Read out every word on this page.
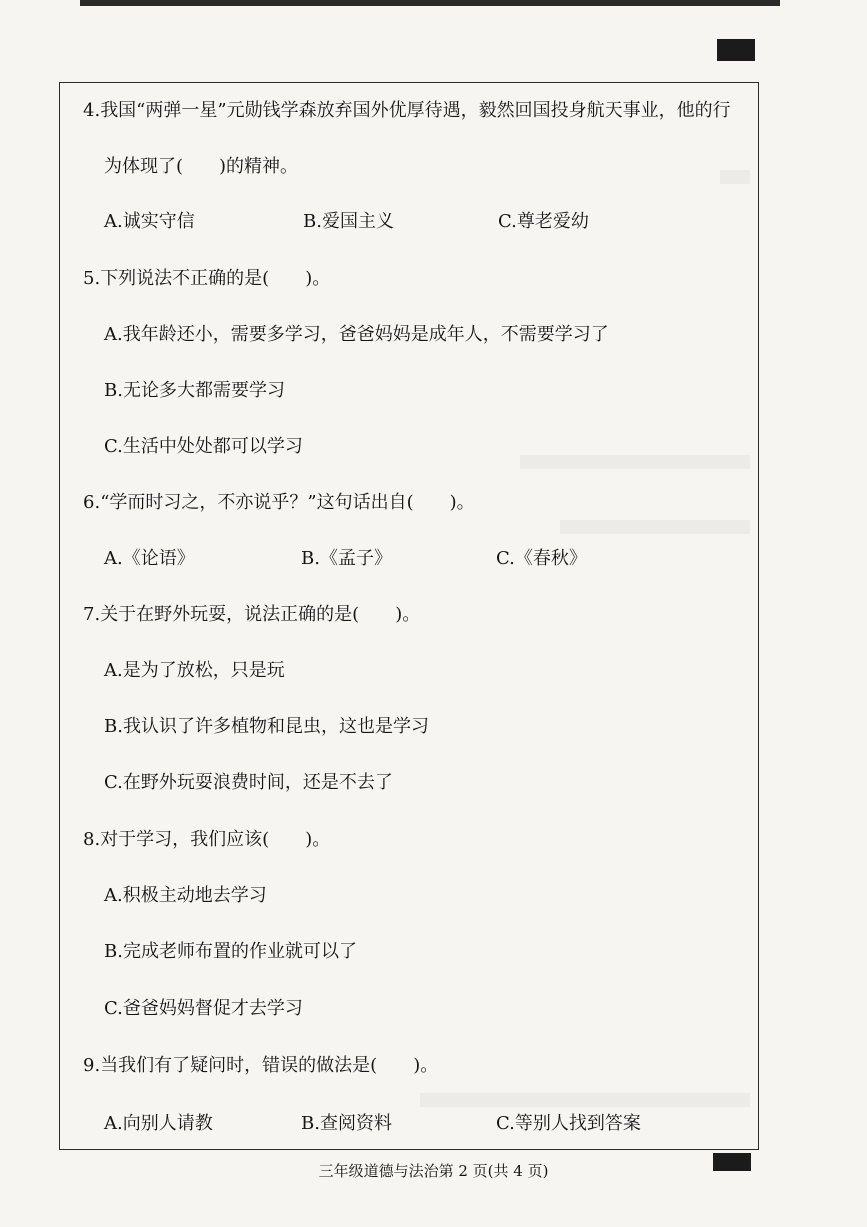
4.我国“两弹一星”元勋钱学森放弃国外优厚待遇，毅然回国投身航天事业，他的行
为体现了(　　)的精神。
A.诚实守信	B.爱国主义	C.尊老爱幼
5.下列说法不正确的是(　　)。
A.我年龄还小，需要多学习，爸爸妈妈是成年人，不需要学习了
B.无论多大都需要学习
C.生活中处处都可以学习
6.“学而时习之，不亦说乎？”这句话出自(　　)。
A.《论语》	B.《孟子》	C.《春秋》
7.关于在野外玩耍，说法正确的是(　　)。
A.是为了放松，只是玩
B.我认识了许多植物和昆虫，这也是学习
C.在野外玩耍浪费时间，还是不去了
8.对于学习，我们应该(　　)。
A.积极主动地去学习
B.完成老师布置的作业就可以了
C.爸爸妈妈督促才去学习
9.当我们有了疑问时，错误的做法是(　　)。
A.向别人请教	B.查阅资料	C.等别人找到答案
三年级道德与法治第 2 页(共 4 页)
